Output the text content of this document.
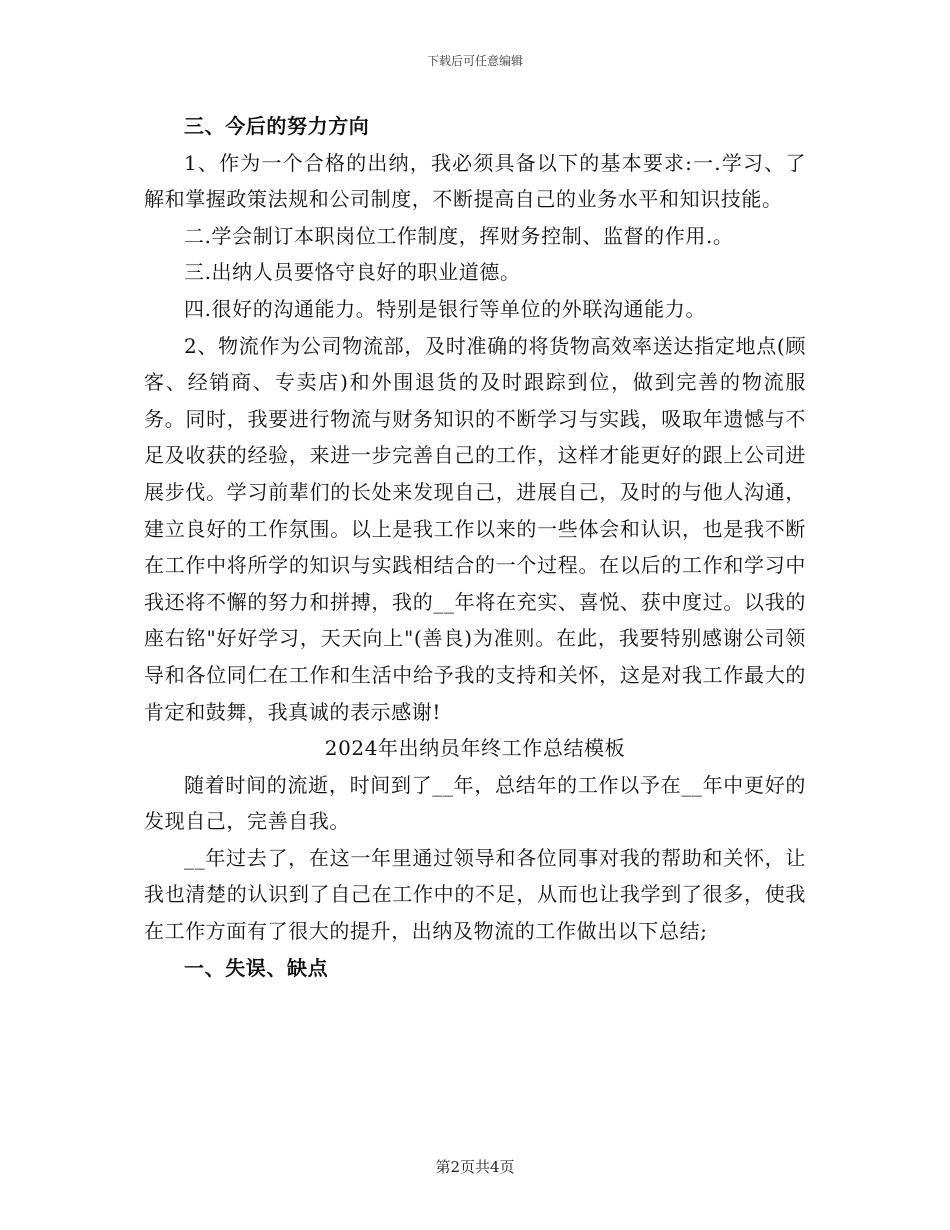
下载后可任意编辑

三、今后的努力方向

1、作为一个合格的出纳，我必须具备以下的基本要求:一.学习、了解和掌握政策法规和公司制度，不断提高自己的业务水平和知识技能。

二.学会制订本职岗位工作制度，挥财务控制、监督的作用.。

三.出纳人员要恪守良好的职业道德。

四.很好的沟通能力。特别是银行等单位的外联沟通能力。

2、物流作为公司物流部，及时准确的将货物高效率送达指定地点(顾客、经销商、专卖店)和外围退货的及时跟踪到位，做到完善的物流服务。同时，我要进行物流与财务知识的不断学习与实践，吸取年遗憾与不足及收获的经验，来进一步完善自己的工作，这样才能更好的跟上公司进展步伐。学习前辈们的长处来发现自己，进展自己，及时的与他人沟通，建立良好的工作氛围。以上是我工作以来的一些体会和认识，也是我不断在工作中将所学的知识与实践相结合的一个过程。在以后的工作和学习中我还将不懈的努力和拼搏，我的__年将在充实、喜悦、获中度过。以我的座右铭"好好学习，天天向上"(善良)为准则。在此，我要特别感谢公司领导和各位同仁在工作和生活中给予我的支持和关怀，这是对我工作最大的肯定和鼓舞，我真诚的表示感谢!

2024年出纳员年终工作总结模板

随着时间的流逝，时间到了__年，总结年的工作以予在__年中更好的发现自己，完善自我。

__年过去了，在这一年里通过领导和各位同事对我的帮助和关怀，让我也清楚的认识到了自己在工作中的不足，从而也让我学到了很多，使我在工作方面有了很大的提升，出纳及物流的工作做出以下总结;

一、失误、缺点

第2页共4页
